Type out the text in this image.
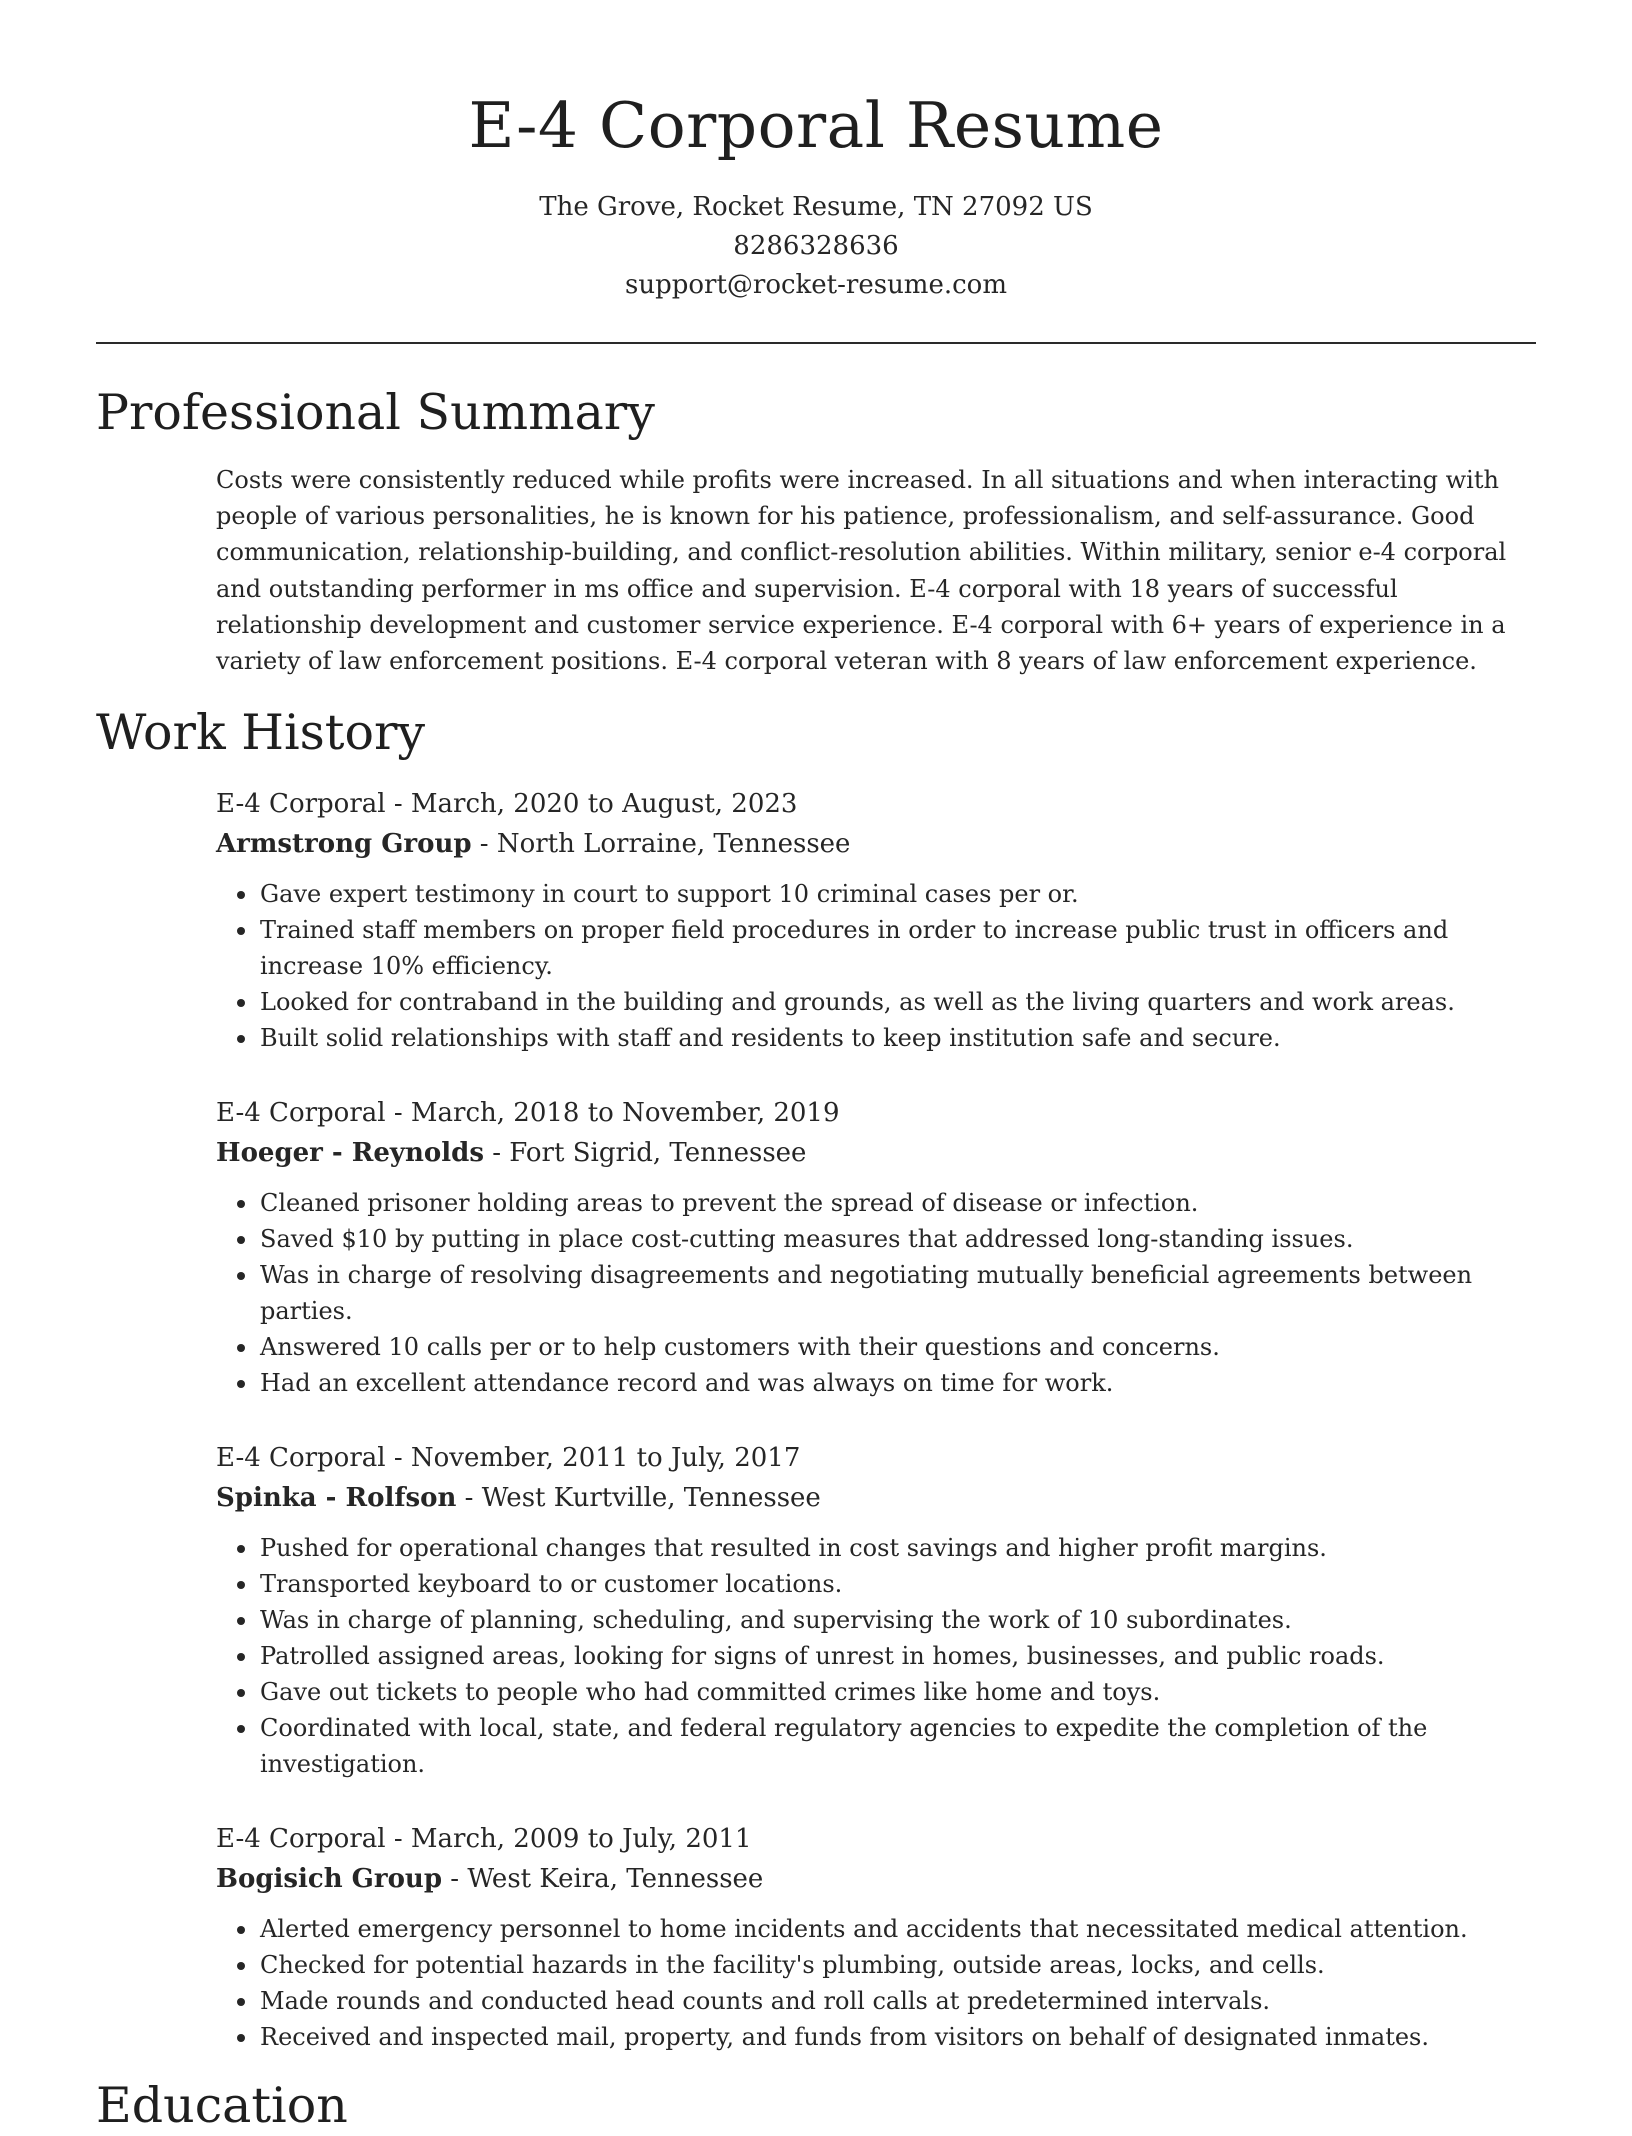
E-4 Corporal Resume
The Grove, Rocket Resume, TN 27092 US
8286328636
support@rocket-resume.com
Professional Summary

Costs were consistently reduced while profits were increased. In all situations and when interacting with people of various personalities, he is known for his patience, professionalism, and self-assurance. Good communication, relationship-building, and conflict-resolution abilities. Within military, senior e-4 corporal and outstanding performer in ms office and supervision. E-4 corporal with 18 years of successful relationship development and customer service experience. E-4 corporal with 6+ years of experience in a variety of law enforcement positions. E-4 corporal veteran with 8 years of law enforcement experience.

Work History
E-4 Corporal - March, 2020 to August, 2023
Armstrong Group - North Lorraine, Tennessee
Gave expert testimony in court to support 10 criminal cases per or.
Trained staff members on proper field procedures in order to increase public trust in officers and increase 10% efficiency.
Looked for contraband in the building and grounds, as well as the living quarters and work areas.
Built solid relationships with staff and residents to keep institution safe and secure.
E-4 Corporal - March, 2018 to November, 2019
Hoeger - Reynolds - Fort Sigrid, Tennessee
Cleaned prisoner holding areas to prevent the spread of disease or infection.
Saved $10 by putting in place cost-cutting measures that addressed long-standing issues.
Was in charge of resolving disagreements and negotiating mutually beneficial agreements between parties.
Answered 10 calls per or to help customers with their questions and concerns.
Had an excellent attendance record and was always on time for work.
E-4 Corporal - November, 2011 to July, 2017
Spinka - Rolfson - West Kurtville, Tennessee
Pushed for operational changes that resulted in cost savings and higher profit margins.
Transported keyboard to or customer locations.
Was in charge of planning, scheduling, and supervising the work of 10 subordinates.
Patrolled assigned areas, looking for signs of unrest in homes, businesses, and public roads.
Gave out tickets to people who had committed crimes like home and toys.
Coordinated with local, state, and federal regulatory agencies to expedite the completion of the investigation.
E-4 Corporal - March, 2009 to July, 2011
Bogisich Group - West Keira, Tennessee
Alerted emergency personnel to home incidents and accidents that necessitated medical attention.
Checked for potential hazards in the facility's plumbing, outside areas, locks, and cells.
Made rounds and conducted head counts and roll calls at predetermined intervals.
Received and inspected mail, property, and funds from visitors on behalf of designated inmates.
Education
